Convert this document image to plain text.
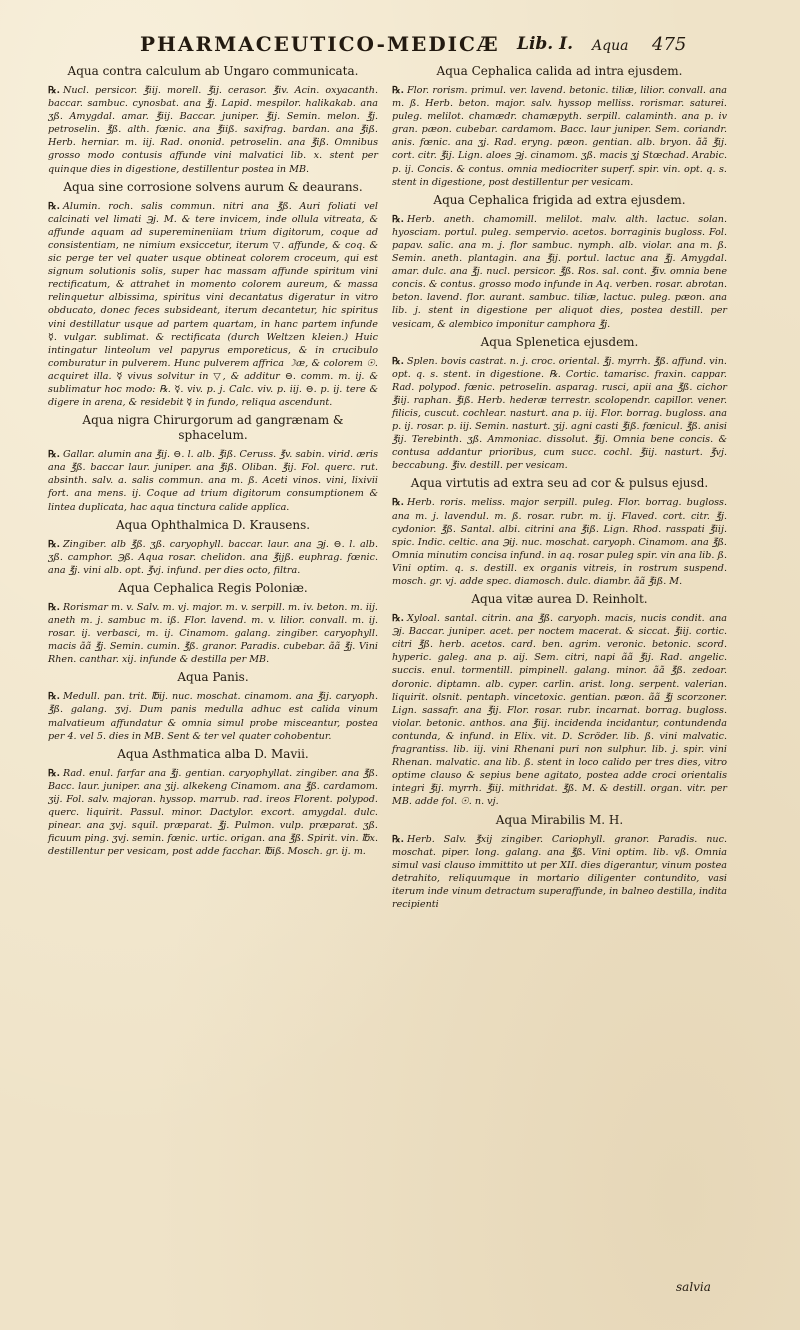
PHARMACEUTICO-MEDICÆ Lib. I. Aqua 475
Aqua contra calculum ab Ungaro communicata.
℞. Nucl. persicor. ℥iij. morell. ℥ij. cerasor. ℥iv. Acin. oxyacanth. baccar. sambuc. cynosbat. ana ℥j. Lapid. mespilor. halikakab. ana ʒß. Amygdal. amar. ℥iij. Baccar. juniper. ℥ij. Semin. melon. ℥j. petroselin. ℥ß. alth. fœnic. ana ℥iiß. saxifrag. bardan. ana ℥iß. Herb. herniar. m. iij. Rad. ononid. petroselin. ana ℥iß. Omnibus grosso modo contusis affunde vini malvatici lib. x. stent per quinque dies in digestione, destillentur postea in MB.
Aqua sine corrosione solvens aurum & deaurans.
℞. Alumin. roch. salis commun. nitri ana ℥ß. Auri foliati vel calcinati vel limati ℈j. M. & tere invicem, inde ollula vitreata, & affunde aquam ad superemineniiam trium digitorum, coque ad consistentiam, ne nimium exsiccetur, iterum ▽. affunde, & coq. & sic perge ter vel quater usque obtineat colorem croceum, qui est signum solutionis solis, super hac massam affunde spiritum vini rectificatum, & attrahet in momento colorem aureum, & massa relinquetur albissima, spiritus vini decantatus digeratur in vitro obducato, donec feces subsideant, iterum decantetur, hic spiritus vini destillatur usque ad partem quartam, in hanc partem infunde ☿. vulgar. sublimat. & rectificata (durch Weltzen kleien.) Huic intingatur linteolum vel papyrus emporeticus, & in crucibulo comburatur in pulverem. Hunc pulverem affrica ☽æ, & colorem ☉. acquiret illa. ☿ vivus solvitur in ▽, & additur ⊖. comm. m. ij. & sublimatur hoc modo: ℞. ☿. viv. p. j. Calc. viv. p. iij. ⊖. p. ij. tere & digere in arena, & residebit ☿ in fundo, reliqua ascendunt.
Aqua nigra Chirurgorum ad gangrænam & sphacelum.
℞. Gallar. alumin ana ℥ij. ⊖. l. alb. ℥iß. Ceruss. ℥v. sabin. virid. æris ana ℥ß. baccar laur. juniper. ana ℥iß. Oliban. ℥ij. Fol. querc. rut. absinth. salv. a. salis commun. ana m. ß. Aceti vinos. vini, lixivii fort. ana mens. ij. Coque ad trium digitorum consumptionem & lintea duplicata, hac aqua tinctura calide applica.
Aqua Ophthalmica D. Krausens.
℞. Zingiber. alb ℥ß. ʒß. caryophyll. baccar. laur. ana ℈j. ⊖. l. alb. ʒß. camphor. ℈ß. Aqua rosar. chelidon. ana ℥ijß. euphrag. fœnic. ana ℥j. vini alb. opt. ℥vj. infund. per dies octo, filtra.
Aqua Cephalica Regis Poloniæ.
℞. Rorismar m. v. Salv. m. vj. major. m. v. serpill. m. iv. beton. m. iij. aneth m. j. sambuc m. iß. Flor. lavend. m. v. lilior. convall. m. ij. rosar. ij. verbasci, m. ij. Cinamom. galang. zingiber. caryophyll. macis ãã ℥j. Semin. cumin. ℥ß. granor. Paradis. cubebar. ãã ℥j. Vini Rhen. canthar. xij. infunde & destilla per MB.
Aqua Panis.
℞. Medull. pan. trit. ℔ij. nuc. moschat. cinamom. ana ℥ij. caryoph. ℥ß. galang. ʒvj. Dum panis medulla adhuc est calida vinum malvatieum affundatur & omnia simul probe misceantur, postea per 4. vel 5. dies in MB. Sent & ter vel quater cohobentur.
Aqua Asthmatica alba D. Mavii.
℞. Rad. enul. farfar ana ℥j. gentian. caryophyllat. zingiber. ana ℥ß. Bacc. laur. juniper. ana ʒij. alkekeng Cinamom. ana ℥ß. cardamom. ʒij. Fol. salv. majoran. hyssop. marrub. rad. ireos Florent. polypod. querc. liquirit. Passul. minor. Dactylor. excort. amygdal. dulc. pinear. ana ʒvj. squil. præparat. ℥j. Pulmon. vulp. præparat. ʒß. ficuum ping. ʒvj. semin. fœnic. urtic. origan. ana ℥ß. Spirit. vin. ℔x. destillentur per vesicam, post adde facchar. ℔iß. Mosch. gr. ij. m.
Aqua Cephalica calida ad intra ejusdem.
℞. Flor. rorism. primul. ver. lavend. betonic. tiliæ, lilior. convall. ana m. ß. Herb. beton. major. salv. hyssop melliss. rorismar. saturei. puleg. melilot. chamædr. chamæpyth. serpill. calaminth. ana p. iv gran. pæon. cubebar. cardamom. Bacc. laur juniper. Sem. coriandr. anis. fœnic. ana ʒj. Rad. eryng. pæon. gentian. alb. bryon. ãã ℥ij. cort. citr. ℥ij. Lign. aloes ℈j. cinamom. ʒß. macis ʒj Stœchad. Arabic. p. ij. Concis. & contus. omnia mediocriter superf. spir. vin. opt. q. s. stent in digestione, post destillentur per vesicam.
Aqua Cephalica frigida ad extra ejusdem.
℞. Herb. aneth. chamomill. melilot. malv. alth. lactuc. solan. hyosciam. portul. puleg. sempervio. acetos. borraginis bugloss. Fol. papav. salic. ana m. j. flor sambuc. nymph. alb. violar. ana m. ß. Semin. aneth. plantagin. ana ℥ij. portul. lactuc ana ℥j. Amygdal. amar. dulc. ana ℥j. nucl. persicor. ℥ß. Ros. sal. cont. ℥iv. omnia bene concis. & contus. grosso modo infunde in Aq. verben. rosar. abrotan. beton. lavend. flor. aurant. sambuc. tiliæ, lactuc. puleg. pæon. ana lib. j. stent in digestione per aliquot dies, postea destill. per vesicam, & alembico imponitur camphora ℥j.
Aqua Splenetica ejusdem.
℞. Splen. bovis castrat. n. j. croc. oriental. ℥j. myrrh. ℥ß. affund. vin. opt. q. s. stent. in digestione. ℞. Cortic. tamarisc. fraxin. cappar. Rad. polypod. fœnic. petroselin. asparag. rusci, apii ana ℥ß. cichor ℥iij. raphan. ℥iß. Herb. hederæ terrestr. scolopendr. capillor. vener. filicis, cuscut. cochlear. nasturt. ana p. iij. Flor. borrag. bugloss. ana p. ij. rosar. p. iij. Semin. nasturt. ʒij. agni casti ℥iß. fœnicul. ℥ß. anisi ℥ij. Terebinth. ʒß. Ammoniac. dissolut. ℥ij. Omnia bene concis. & contusa addantur prioribus, cum succ. cochl. ℥iij. nasturt. ℥vj. beccabung. ℥iv. destill. per vesicam.
Aqua virtutis ad extra seu ad cor & pulsus ejusd.
℞. Herb. roris. meliss. major serpill. puleg. Flor. borrag. bugloss. ana m. j. lavendul. m. ß. rosar. rubr. m. ij. Flaved. cort. citr. ℥j. cydonior. ℥ß. Santal. albi. citrini ana ℥iß. Lign. Rhod. rasspati ℥iij. spic. Indic. celtic. ana ℈ij. nuc. moschat. caryoph. Cinamom. ana ℥ß. Omnia minutim concisa infund. in aq. rosar puleg spir. vin ana lib. ß. Vini optim. q. s. destill. ex organis vitreis, in rostrum suspend. mosch. gr. vj. adde spec. diamosch. dulc. diambr. ãã ℥iß. M.
Aqua vitæ aurea D. Reinholt.
℞. Xyloal. santal. citrin. ana ℥ß. caryoph. macis, nucis condit. ana ℈j. Baccar. juniper. acet. per noctem macerat. & siccat. ℥iij. cortic. citri ℥ß. herb. acetos. card. ben. agrim. veronic. betonic. scord. hyperic. galeg. ana p. aij. Sem. citri, napi ãã ℥ij. Rad. angelic. succis. enul. tormentill. pimpinell. galang. minor. ãã ℥ß. zedoar. doronic. diptamn. alb. cyper. carlin. arist. long. serpent. valerian. liquirit. olsnit. pentaph. vincetoxic. gentian. pæon. ãã ℥j scorzoner. Lign. sassafr. ana ℥ij. Flor. rosar. rubr. incarnat. borrag. bugloss. violar. betonic. anthos. ana ℥iij. incidenda incidantur, contundenda contunda, & infund. in Elix. vit. D. Scröder. lib. ß. vini malvatic. fragrantiss. lib. iij. vini Rhenani puri non sulphur. lib. j. spir. vini Rhenan. malvatic. ana lib. ß. stent in loco calido per tres dies, vitro optime clauso & sepius bene agitato, postea adde croci orientalis integri ℥ij. myrrh. ℥iij. mithridat. ℥ß. M. & destill. organ. vitr. per MB. adde fol. ☉. n. vj.
Aqua Mirabilis M. H.
℞. Herb. Salv. ℥xij zingiber. Cariophyll. granor. Paradis. nuc. moschat. piper. long. galang. ana ℥ß. Vini optim. lib. vß. Omnia simul vasi clauso immittito ut per XII. dies digerantur, vinum postea detrahito, reliquumque in mortario diligenter contundito, vasi iterum inde vinum detractum superaffunde, in balneo destilla, indita recipienti
salvia
